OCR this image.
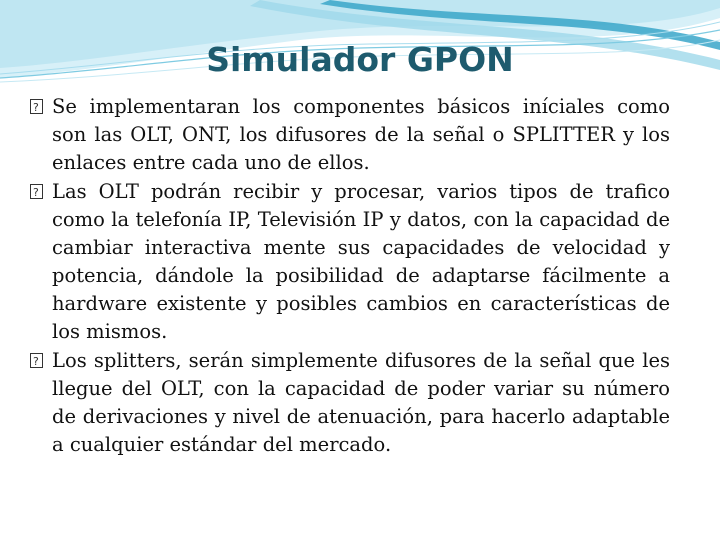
Simulador GPON
?
Se implementaran los componentes básicos iníciales como son las OLT, ONT, los difusores de la señal o SPLITTER y los enlaces entre cada uno de ellos.
?
Las OLT podrán recibir y procesar, varios tipos de trafico como la telefonía IP, Televisión IP y datos, con la capacidad de cambiar interactiva mente sus capacidades de velocidad y potencia, dándole la posibilidad de adaptarse fácilmente a hardware existente y posibles cambios en características de los mismos.
?
Los splitters, serán simplemente difusores de la señal que les llegue del OLT, con la capacidad de poder variar su número de derivaciones y nivel de atenuación, para hacerlo adaptable a cualquier estándar del mercado.
